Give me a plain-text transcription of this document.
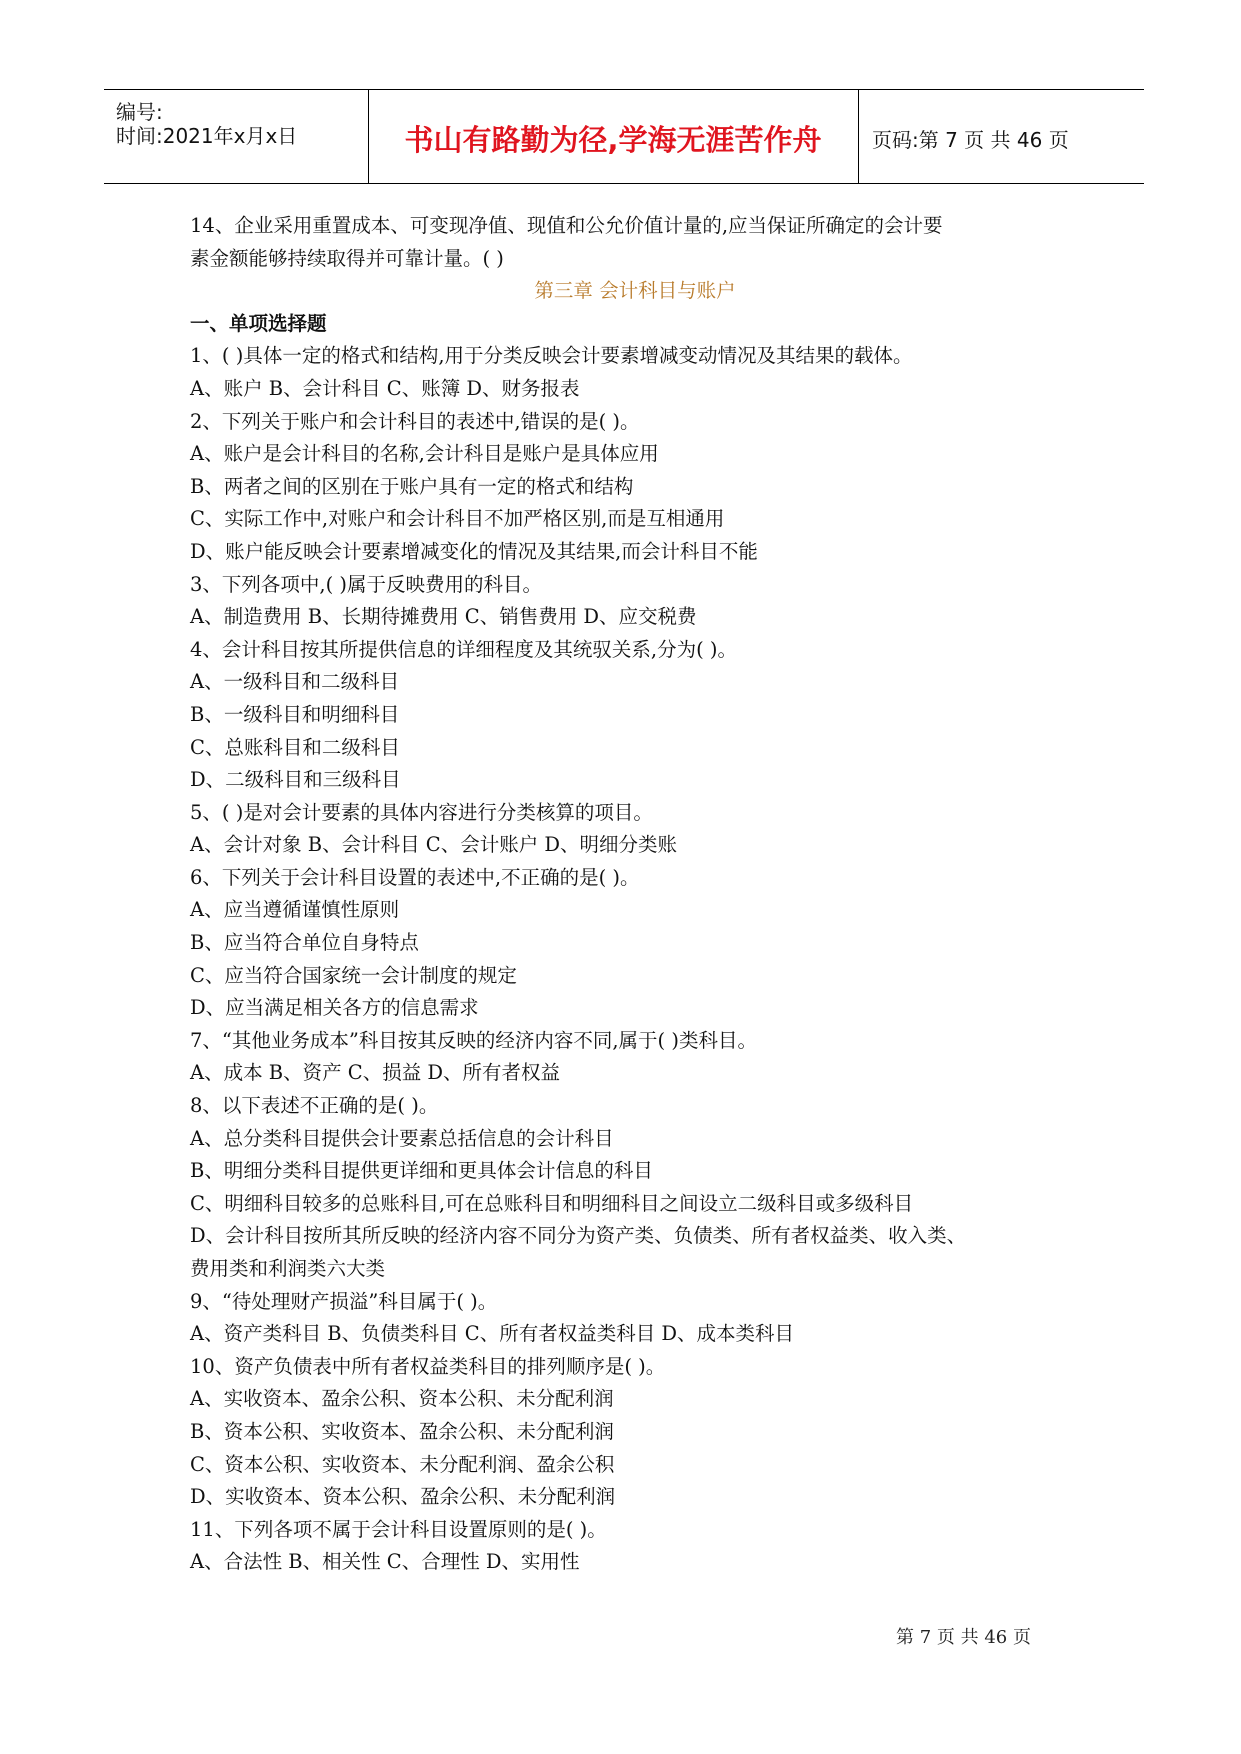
编号:
时间:2021年x月x日	书山有路勤为径,学海无涯苦作舟	页码:第 7 页 共 46 页
14、企业采用重置成本、可变现净值、现值和公允价值计量的,应当保证所确定的会计要
素金额能够持续取得并可靠计量。( )
第三章 会计科目与账户
一、单项选择题
1、( )具体一定的格式和结构,用于分类反映会计要素增减变动情况及其结果的载体。
A、账户 B、会计科目 C、账簿 D、财务报表
2、下列关于账户和会计科目的表述中,错误的是( )。
A、账户是会计科目的名称,会计科目是账户是具体应用
B、两者之间的区别在于账户具有一定的格式和结构
C、实际工作中,对账户和会计科目不加严格区别,而是互相通用
D、账户能反映会计要素增减变化的情况及其结果,而会计科目不能
3、下列各项中,( )属于反映费用的科目。
A、制造费用 B、长期待摊费用 C、销售费用 D、应交税费
4、会计科目按其所提供信息的详细程度及其统驭关系,分为( )。
A、一级科目和二级科目
B、一级科目和明细科目
C、总账科目和二级科目
D、二级科目和三级科目
5、( )是对会计要素的具体内容进行分类核算的项目。
A、会计对象 B、会计科目 C、会计账户 D、明细分类账
6、下列关于会计科目设置的表述中,不正确的是( )。
A、应当遵循谨慎性原则
B、应当符合单位自身特点
C、应当符合国家统一会计制度的规定
D、应当满足相关各方的信息需求
7、“其他业务成本”科目按其反映的经济内容不同,属于( )类科目。
A、成本 B、资产 C、损益 D、所有者权益
8、以下表述不正确的是( )。
A、总分类科目提供会计要素总括信息的会计科目
B、明细分类科目提供更详细和更具体会计信息的科目
C、明细科目较多的总账科目,可在总账科目和明细科目之间设立二级科目或多级科目
D、会计科目按所其所反映的经济内容不同分为资产类、负债类、所有者权益类、收入类、
费用类和利润类六大类
9、“待处理财产损溢”科目属于( )。
A、资产类科目 B、负债类科目 C、所有者权益类科目 D、成本类科目
10、资产负债表中所有者权益类科目的排列顺序是( )。
A、实收资本、盈余公积、资本公积、未分配利润
B、资本公积、实收资本、盈余公积、未分配利润
C、资本公积、实收资本、未分配利润、盈余公积
D、实收资本、资本公积、盈余公积、未分配利润
11、下列各项不属于会计科目设置原则的是( )。
A、合法性 B、相关性 C、合理性 D、实用性
第 7 页 共 46 页
